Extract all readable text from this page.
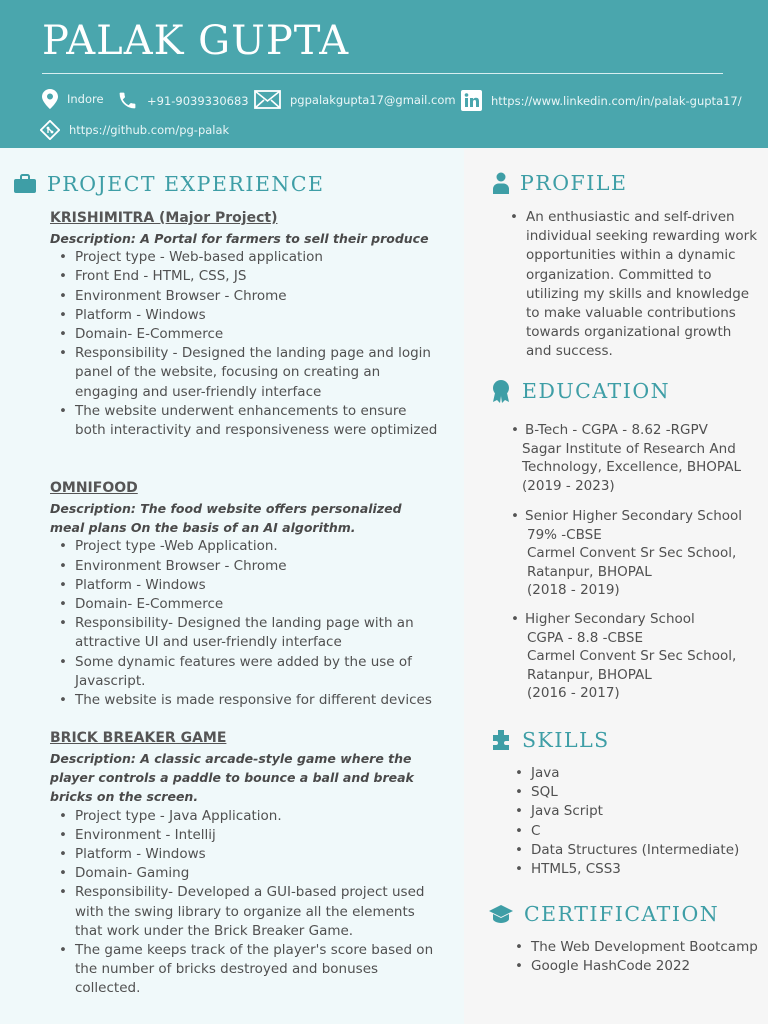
PALAK GUPTA
Indore	+91-9039330683	pgpalakgupta17@gmail.com	https://www.linkedin.com/in/palak-gupta17/
https://github.com/pg-palak
PROJECT EXPERIENCE
KRISHIMITRA (Major Project)
Description: A Portal for farmers to sell their produce
• Project type - Web-based application
• Front End - HTML, CSS, JS
• Environment Browser - Chrome
• Platform - Windows
• Domain- E-Commerce
• Responsibility - Designed the landing page and login panel of the website, focusing on creating an engaging and user-friendly interface
• The website underwent enhancements to ensure both interactivity and responsiveness were optimized
OMNIFOOD
Description: The food website offers personalized meal plans On the basis of an AI algorithm.
• Project type -Web Application.
• Environment Browser - Chrome
• Platform - Windows
• Domain- E-Commerce
• Responsibility- Designed the landing page with an attractive UI and user-friendly interface
• Some dynamic features were added by the use of Javascript.
• The website is made responsive for different devices
BRICK BREAKER GAME
Description: A classic arcade-style game where the player controls a paddle to bounce a ball and break bricks on the screen.
• Project type - Java Application.
• Environment - Intellij
• Platform - Windows
• Domain- Gaming
• Responsibility- Developed a GUI-based project used with the swing library to organize all the elements that work under the Brick Breaker Game.
• The game keeps track of the player's score based on the number of bricks destroyed and bonuses collected.
PROFILE
• An enthusiastic and self-driven individual seeking rewarding work opportunities within a dynamic organization. Committed to utilizing my skills and knowledge to make valuable contributions towards organizational growth and success.
EDUCATION
• B-Tech - CGPA - 8.62 -RGPV
Sagar Institute of Research And
Technology, Excellence, BHOPAL
(2019 - 2023)
• Senior Higher Secondary School
79% -CBSE
Carmel Convent Sr Sec School,
Ratanpur, BHOPAL
(2018 - 2019)
• Higher Secondary School
CGPA - 8.8 -CBSE
Carmel Convent Sr Sec School,
Ratanpur, BHOPAL
(2016 - 2017)
SKILLS
• Java
• SQL
• Java Script
• C
• Data Structures (Intermediate)
• HTML5, CSS3
CERTIFICATION
• The Web Development Bootcamp
• Google HashCode 2022
